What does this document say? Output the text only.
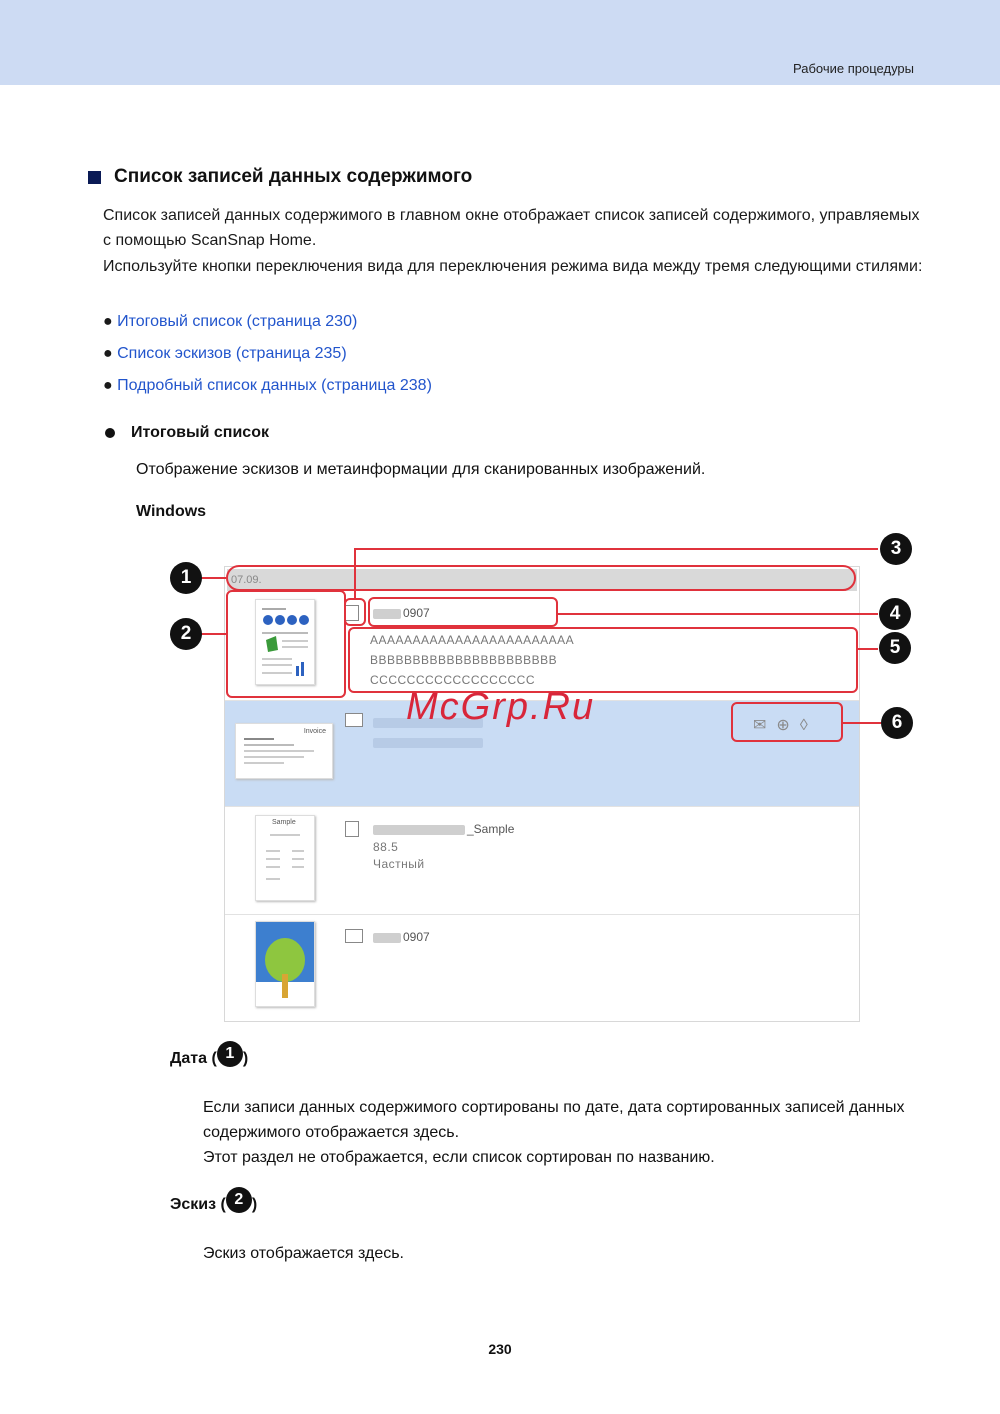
Рабочие процедуры
Список записей данных содержимого

Список записей данных содержимого в главном окне отображает список записей содержимого, управляемых с помощью ScanSnap Home.

Используйте кнопки переключения вида для переключения режима вида между тремя следующими стилями:

● Итоговый список (страница 230)
● Список эскизов (страница 235)
● Подробный список данных (страница 238)
Итоговый список
Отображение эскизов и метаинформации для сканированных изображений.
Windows
07.09.
0907
AAAAAAAAAAAAAAAAAAAAAAAA
BBBBBBBBBBBBBBBBBBBBBB
CCCCCCCCCCCCCCCCCC
Invoice	✉⊕◊
Sample	_Sample
88.5
Частный
0907
1
2
3
4
5
6
McGrp.Ru
Дата ( 1 )

Если записи данных содержимого сортированы по дате, дата сортированных записей данных содержимого отображается здесь.

Этот раздел не отображается, если список сортирован по названию.

Эскиз ( 2 )

Эскиз отображается здесь.

230
